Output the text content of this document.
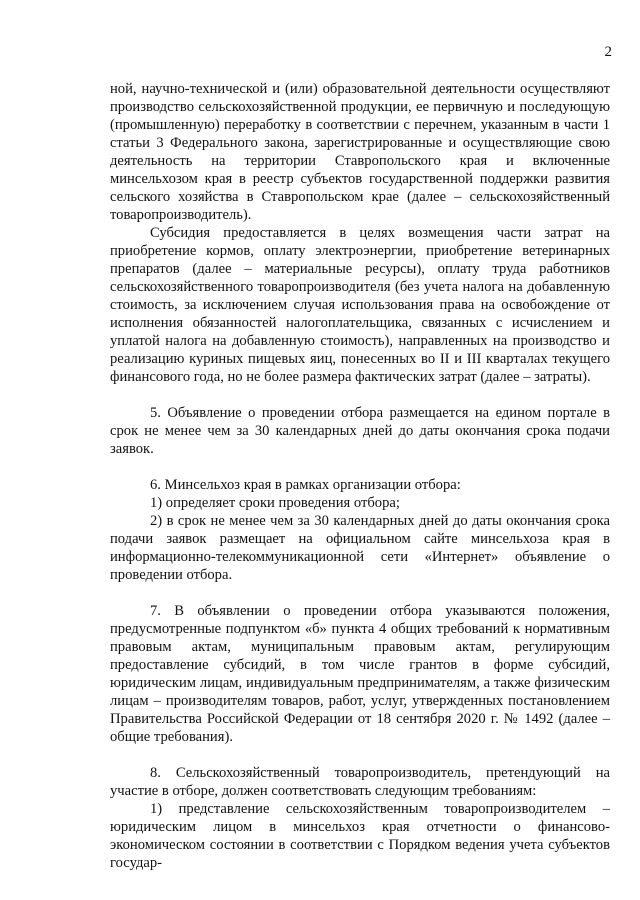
2

ной, научно-технической и (или) образовательной деятельности осуществляют производство сельскохозяйственной продукции, ее первичную и последующую (промышленную) переработку в соответствии с перечнем, указанным в части 1 статьи 3 Федерального закона, зарегистрированные и осуществляющие свою деятельность на территории Ставропольского края и включенные минсельхозом края в реестр субъектов государственной поддержки развития сельского хозяйства в Ставропольском крае (далее – сельскохозяйственный товаропроизводитель).

Субсидия предоставляется в целях возмещения части затрат на приобретение кормов, оплату электроэнергии, приобретение ветеринарных препаратов (далее – материальные ресурсы), оплату труда работников сельскохозяйственного товаропроизводителя (без учета налога на добавленную стоимость, за исключением случая использования права на освобождение от исполнения обязанностей налогоплательщика, связанных с исчислением и уплатой налога на добавленную стоимость), направленных на производство и реализацию куриных пищевых яиц, понесенных во II и III кварталах текущего финансового года, но не более размера фактических затрат (далее – затраты).

5. Объявление о проведении отбора размещается на едином портале в срок не менее чем за 30 календарных дней до даты окончания срока подачи заявок.

6. Минсельхоз края в рамках организации отбора:

1) определяет сроки проведения отбора;

2) в срок не менее чем за 30 календарных дней до даты окончания срока подачи заявок размещает на официальном сайте минсельхоза края в информационно-телекоммуникационной сети «Интернет» объявление о проведении отбора.

7. В объявлении о проведении отбора указываются положения, предусмотренные подпунктом «б» пункта 4 общих требований к нормативным правовым актам, муниципальным правовым актам, регулирующим предоставление субсидий, в том числе грантов в форме субсидий, юридическим лицам, индивидуальным предпринимателям, а также физическим лицам – производителям товаров, работ, услуг, утвержденных постановлением Правительства Российской Федерации от 18 сентября 2020 г. № 1492 (далее – общие требования).

8. Сельскохозяйственный товаропроизводитель, претендующий на участие в отборе, должен соответствовать следующим требованиям:

1) представление сельскохозяйственным товаропроизводителем – юридическим лицом в минсельхоз края отчетности о финансово-экономическом состоянии в соответствии с Порядком ведения учета субъектов государ-
